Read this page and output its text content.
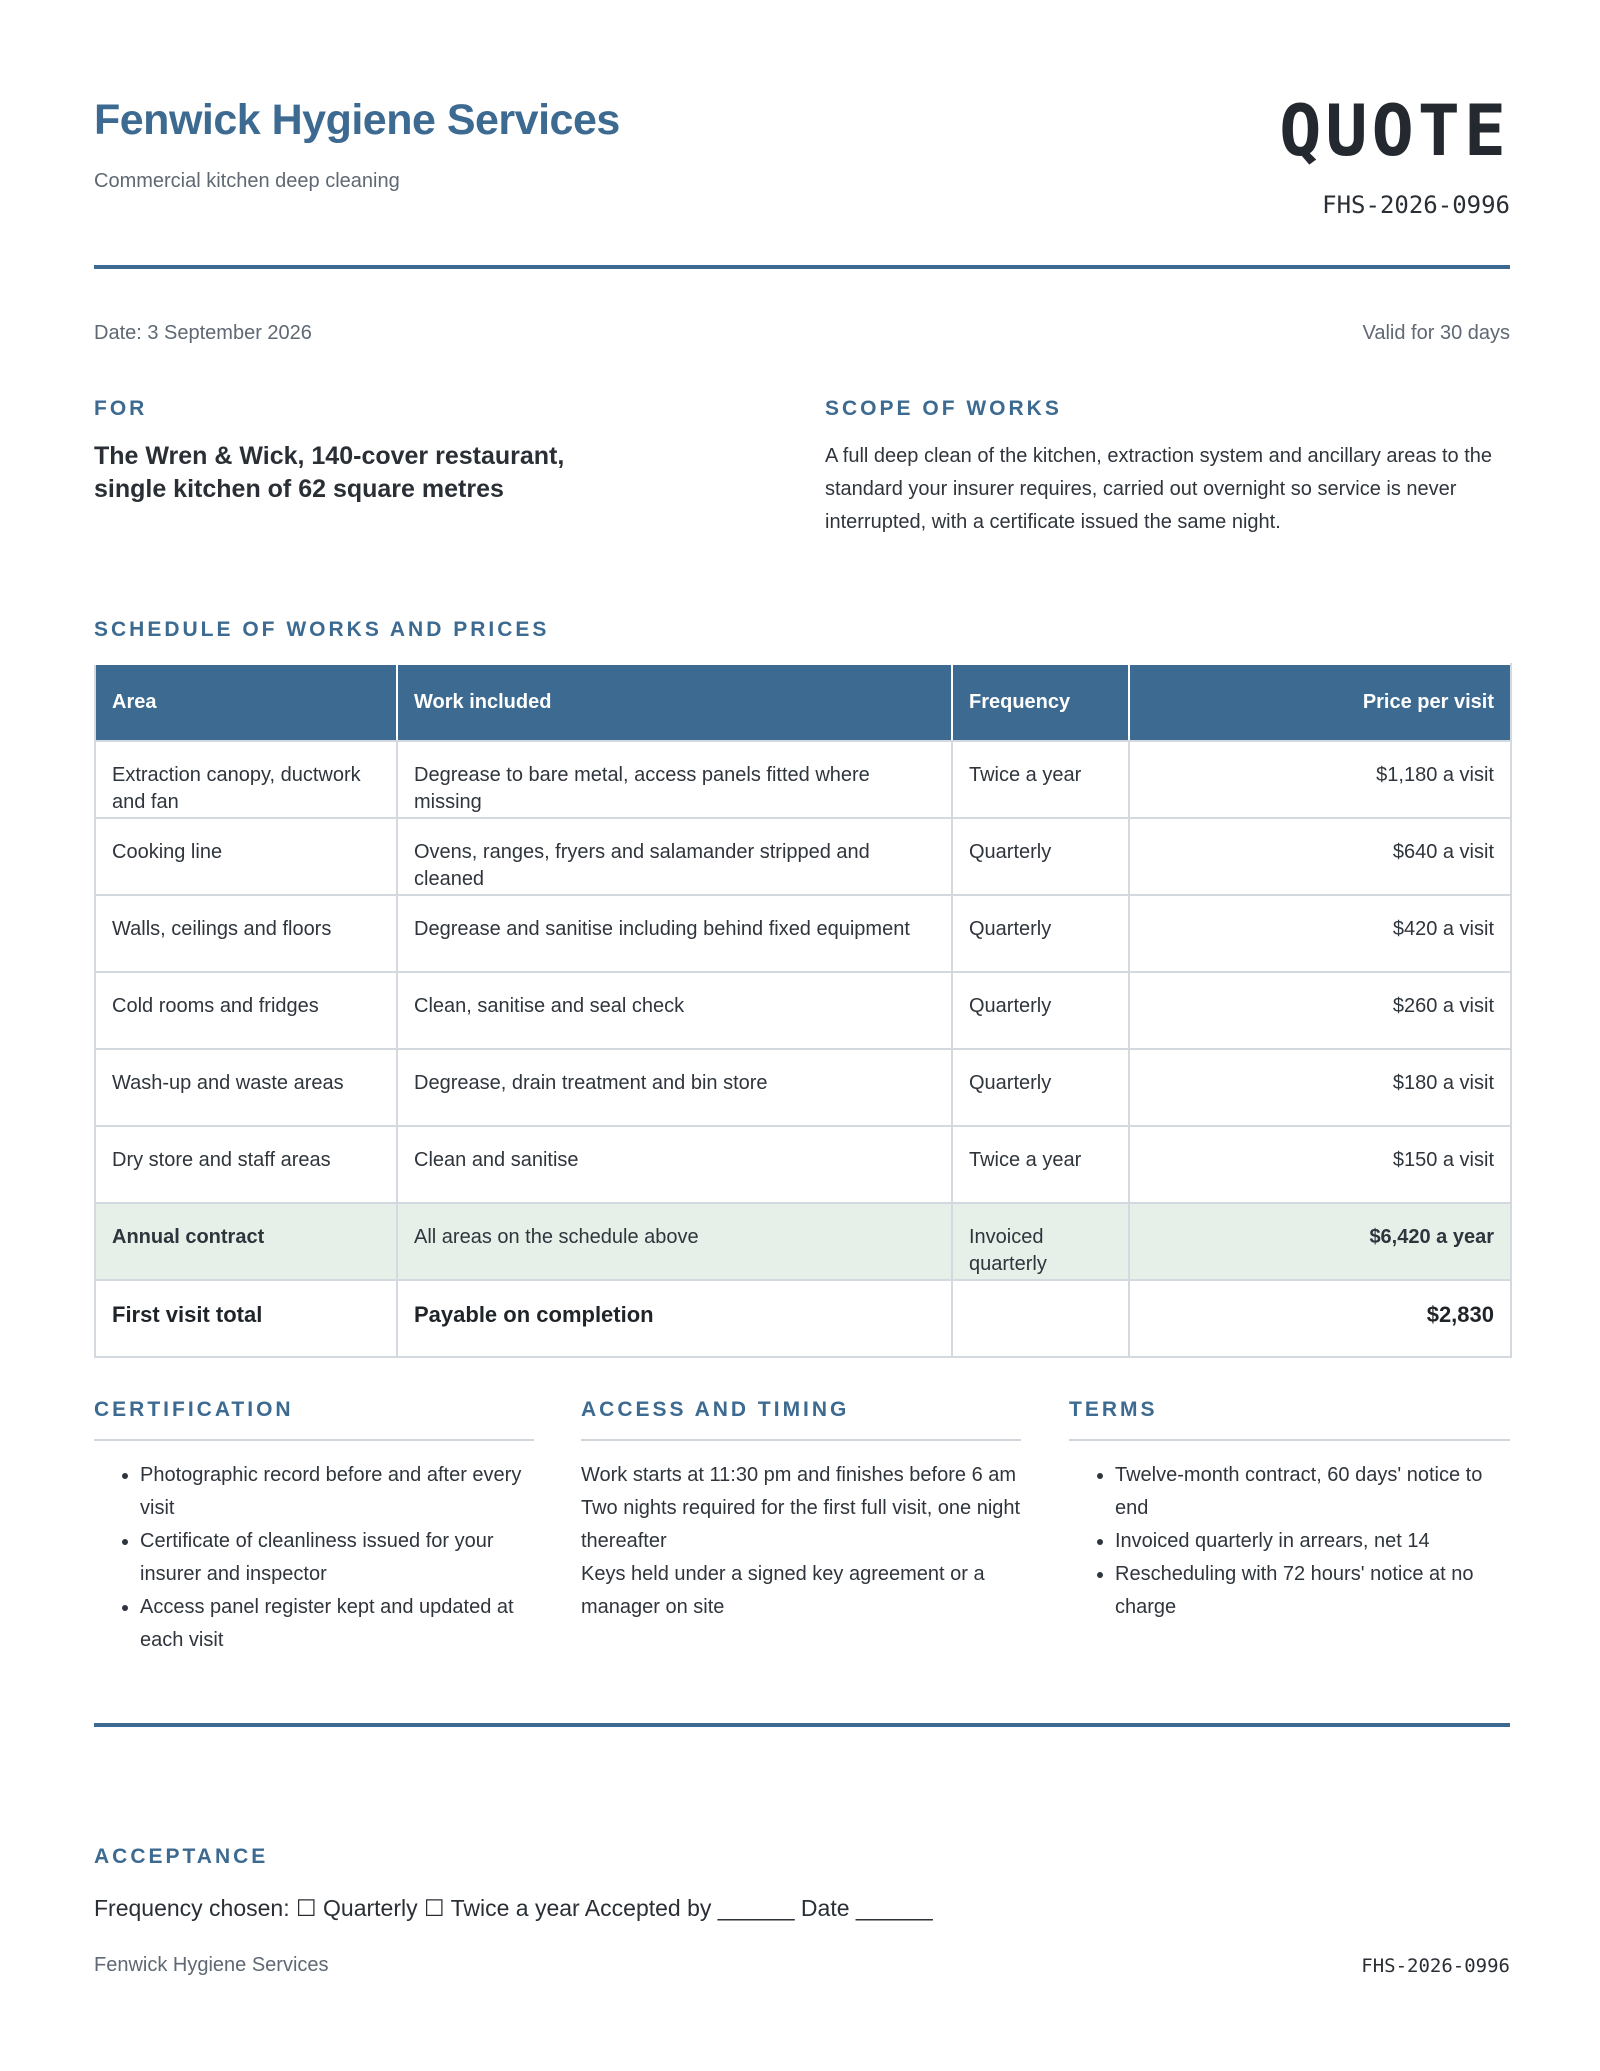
Fenwick Hygiene Services
Commercial kitchen deep cleaning
QUOTE
FHS-2026-0996
Date: 3 September 2026	Valid for 30 days
FOR
The Wren & Wick, 140-cover restaurant, single kitchen of 62 square metres
SCOPE OF WORKS
A full deep clean of the kitchen, extraction system and ancillary areas to the standard your insurer requires, carried out overnight so service is never interrupted, with a certificate issued the same night.
SCHEDULE OF WORKS AND PRICES
Area	Work included	Frequency	Price per visit
Extraction canopy, ductwork and fan	Degrease to bare metal, access panels fitted where missing	Twice a year	$1,180 a visit
Cooking line	Ovens, ranges, fryers and salamander stripped and cleaned	Quarterly	$640 a visit
Walls, ceilings and floors	Degrease and sanitise including behind fixed equipment	Quarterly	$420 a visit
Cold rooms and fridges	Clean, sanitise and seal check	Quarterly	$260 a visit
Wash-up and waste areas	Degrease, drain treatment and bin store	Quarterly	$180 a visit
Dry store and staff areas	Clean and sanitise	Twice a year	$150 a visit
Annual contract	All areas on the schedule above	Invoiced quarterly	$6,420 a year
First visit total	Payable on completion		$2,830
CERTIFICATION
• Photographic record before and after every visit
• Certificate of cleanliness issued for your insurer and inspector
• Access panel register kept and updated at each visit
ACCESS AND TIMING

Work starts at 11:30 pm and finishes before 6 am

Two nights required for the first full visit, one night thereafter

Keys held under a signed key agreement or a manager on site

TERMS
• Twelve-month contract, 60 days' notice to end
• Invoiced quarterly in arrears, net 14
• Rescheduling with 72 hours' notice at no charge
ACCEPTANCE
Frequency chosen: ☐ Quarterly ☐ Twice a year Accepted by ______ Date ______
Fenwick Hygiene Services	FHS-2026-0996
